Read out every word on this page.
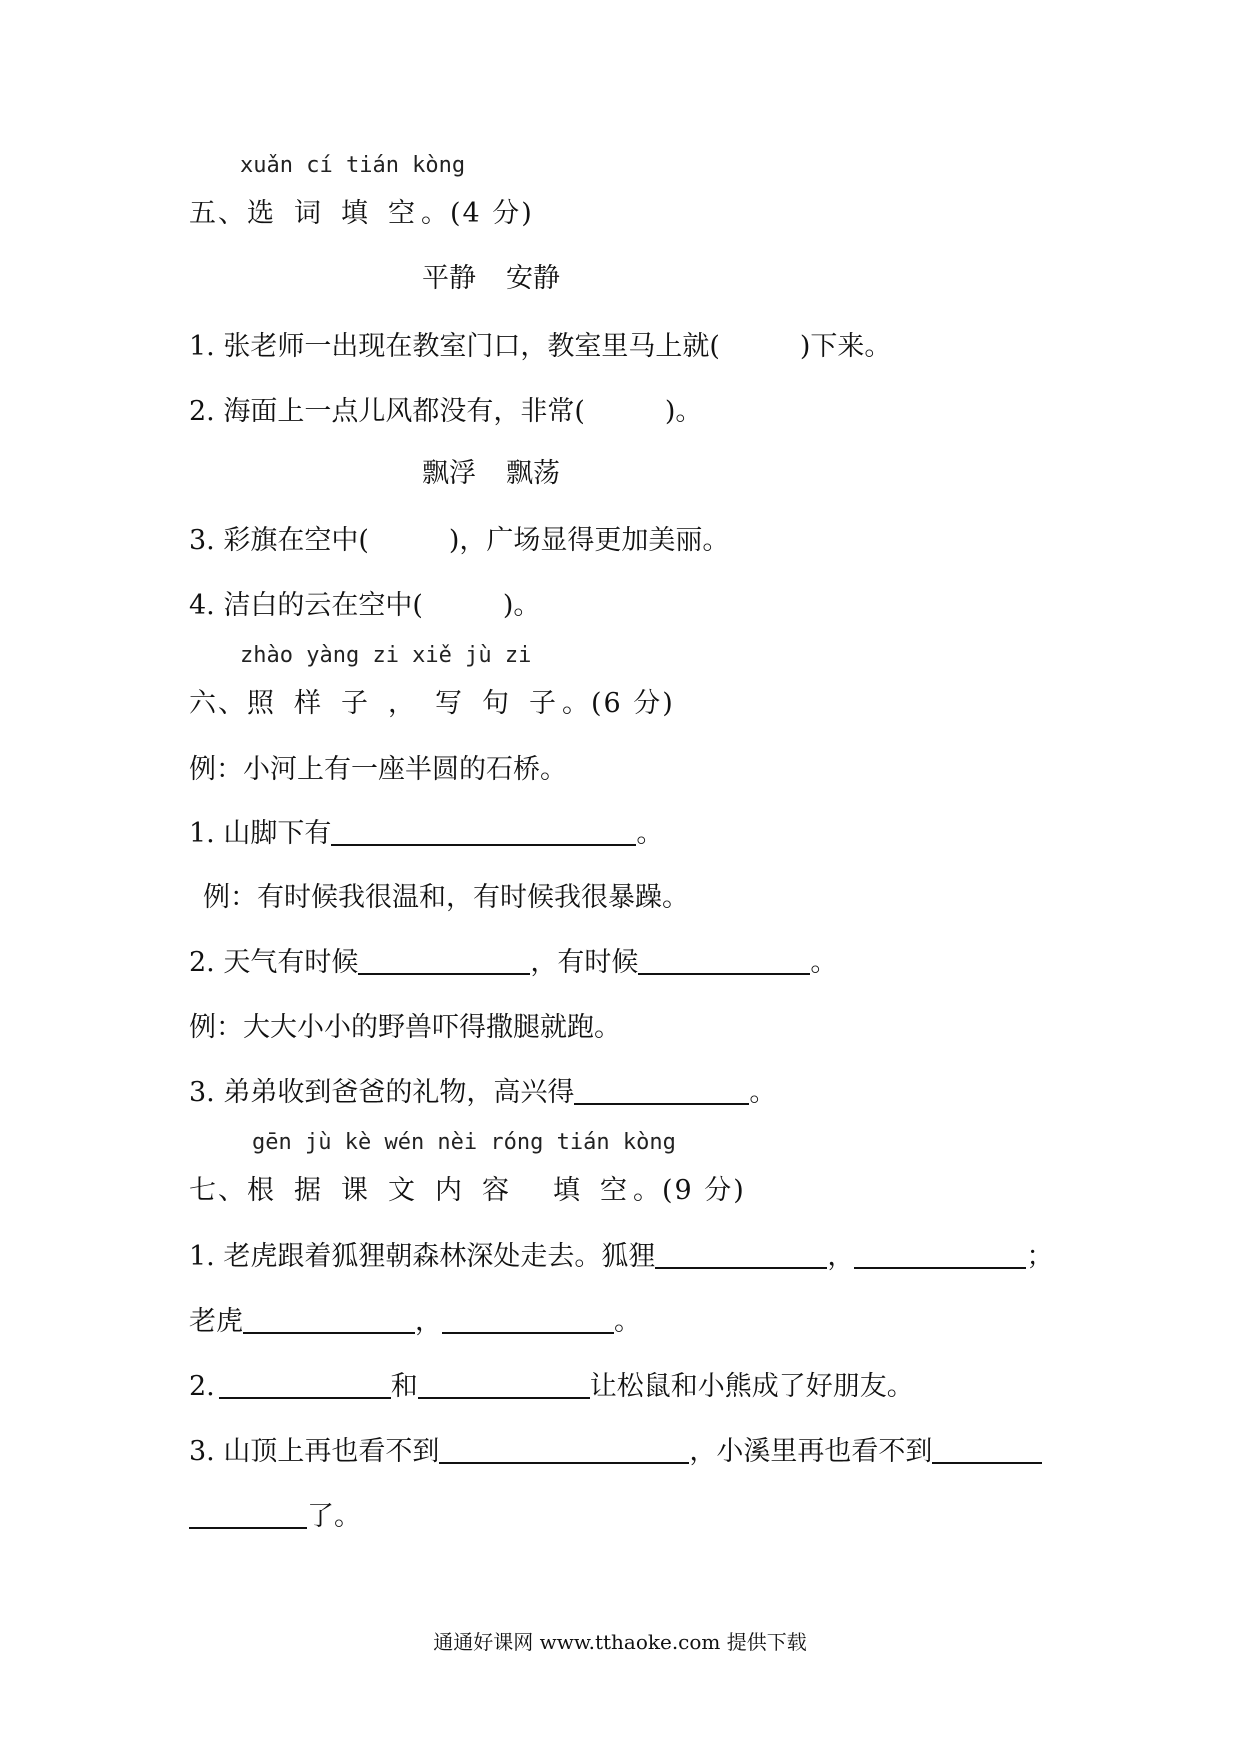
xuǎn cí tián kòng
五、选 词 填 空 。(4 分)
平静 安静
1. 张老师一出现在教室门口，教室里马上就(	)下来。
2. 海面上一点儿风都没有，非常(	)。
飘浮 飘荡
3. 彩旗在空中(	)，广场显得更加美丽。
4. 洁白的云在空中(	)。
zhào yàng zi xiě jù zi
六、照 样 子 ， 写 句 子 。(6 分)
例：小河上有一座半圆的石桥。
1. 山脚下有	。
例：有时候我很温和，有时候我很暴躁。
2. 天气有时候	，有时候	。
例：大大小小的野兽吓得撒腿就跑。
3. 弟弟收到爸爸的礼物，高兴得	。
gēn jù kè wén nèi róng tián kòng
七、根 据 课 文 内 容 填 空 。(9 分)
1. 老虎跟着狐狸朝森林深处走去。狐狸	，	；
老虎	，	。
2.	和	让松鼠和小熊成了好朋友。
3. 山顶上再也看不到	，小溪里再也看不到
了。
通通好课网 www.tthaoke.com 提供下载
